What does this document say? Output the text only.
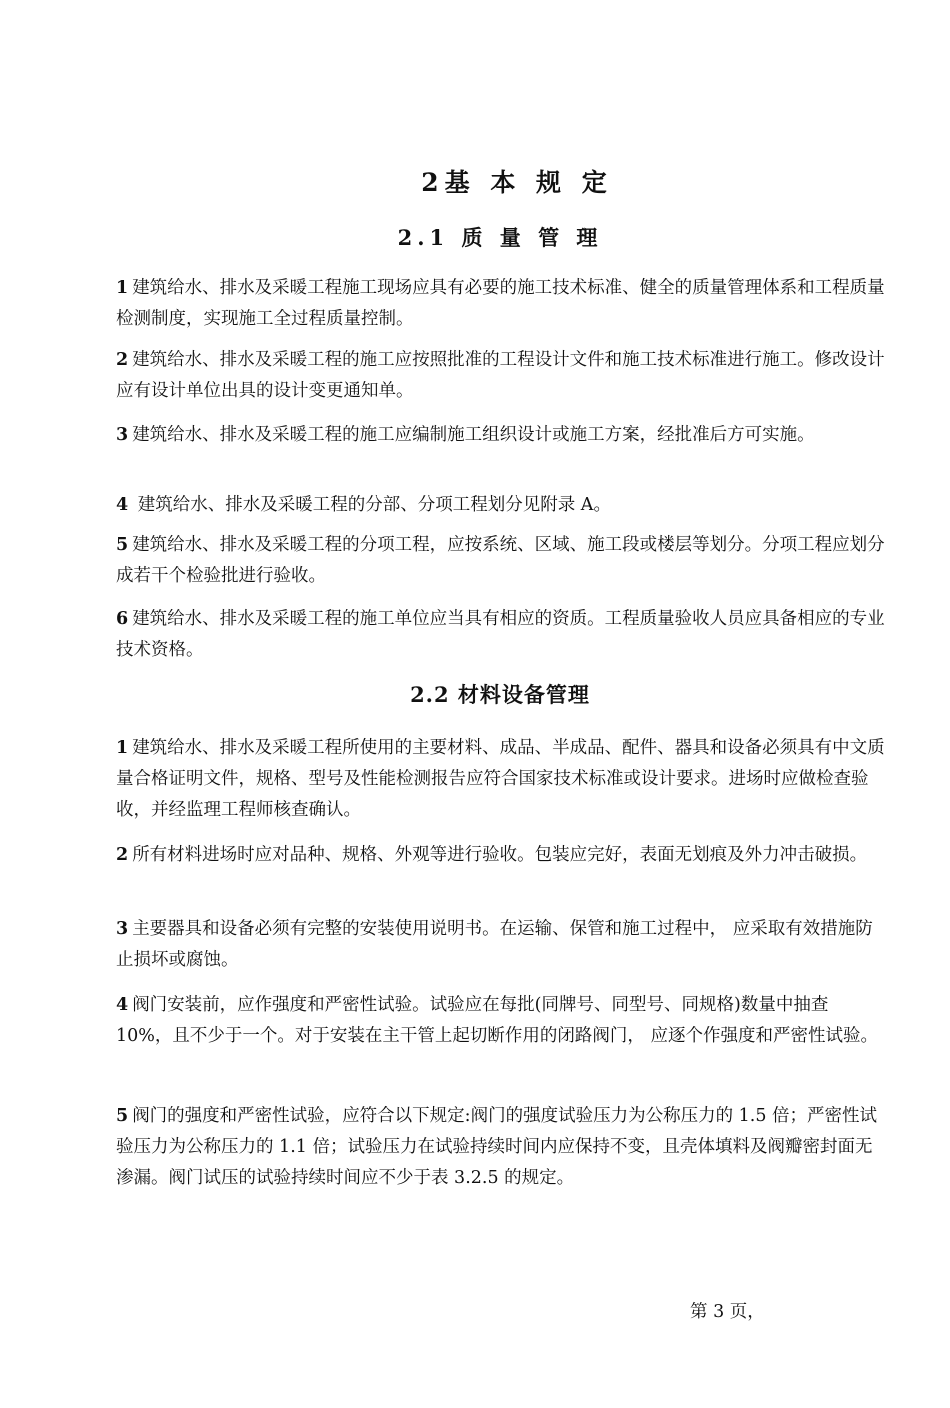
2基 本 规 定
2.1 质 量 管 理

1 建筑给水、排水及采暖工程施工现场应具有必要的施工技术标准、健全的质量管理体系和工程质量检测制度，实现施工全过程质量控制。

2 建筑给水、排水及采暖工程的施工应按照批准的工程设计文件和施工技术标准进行施工。修改设计应有设计单位出具的设计变更通知单。

3 建筑给水、排水及采暖工程的施工应编制施工组织设计或施工方案，经批准后方可实施。

4 建筑给水、排水及采暖工程的分部、分项工程划分见附录 A。

5 建筑给水、排水及采暖工程的分项工程，应按系统、区域、施工段或楼层等划分。分项工程应划分成若干个检验批进行验收。

6 建筑给水、排水及采暖工程的施工单位应当具有相应的资质。工程质量验收人员应具备相应的专业技术资格。

2.2 材料设备管理

1 建筑给水、排水及采暖工程所使用的主要材料、成品、半成品、配件、器具和设备必须具有中文质量合格证明文件，规格、型号及性能检测报告应符合国家技术标准或设计要求。进场时应做检查验收，并经监理工程师核查确认。

2 所有材料进场时应对品种、规格、外观等进行验收。包装应完好，表面无划痕及外力冲击破损。

3 主要器具和设备必须有完整的安装使用说明书。在运输、保管和施工过程中， 应采取有效措施防止损坏或腐蚀。

4 阀门安装前，应作强度和严密性试验。试验应在每批(同牌号、同型号、同规格)数量中抽查 10%，且不少于一个。对于安装在主干管上起切断作用的闭路阀门， 应逐个作强度和严密性试验。

5 阀门的强度和严密性试验，应符合以下规定:阀门的强度试验压力为公称压力的 1.5 倍；严密性试验压力为公称压力的 1.1 倍；试验压力在试验持续时间内应保持不变，且壳体填料及阀瓣密封面无渗漏。阀门试压的试验持续时间应不少于表 3.2.5 的规定。

第 3 页，
